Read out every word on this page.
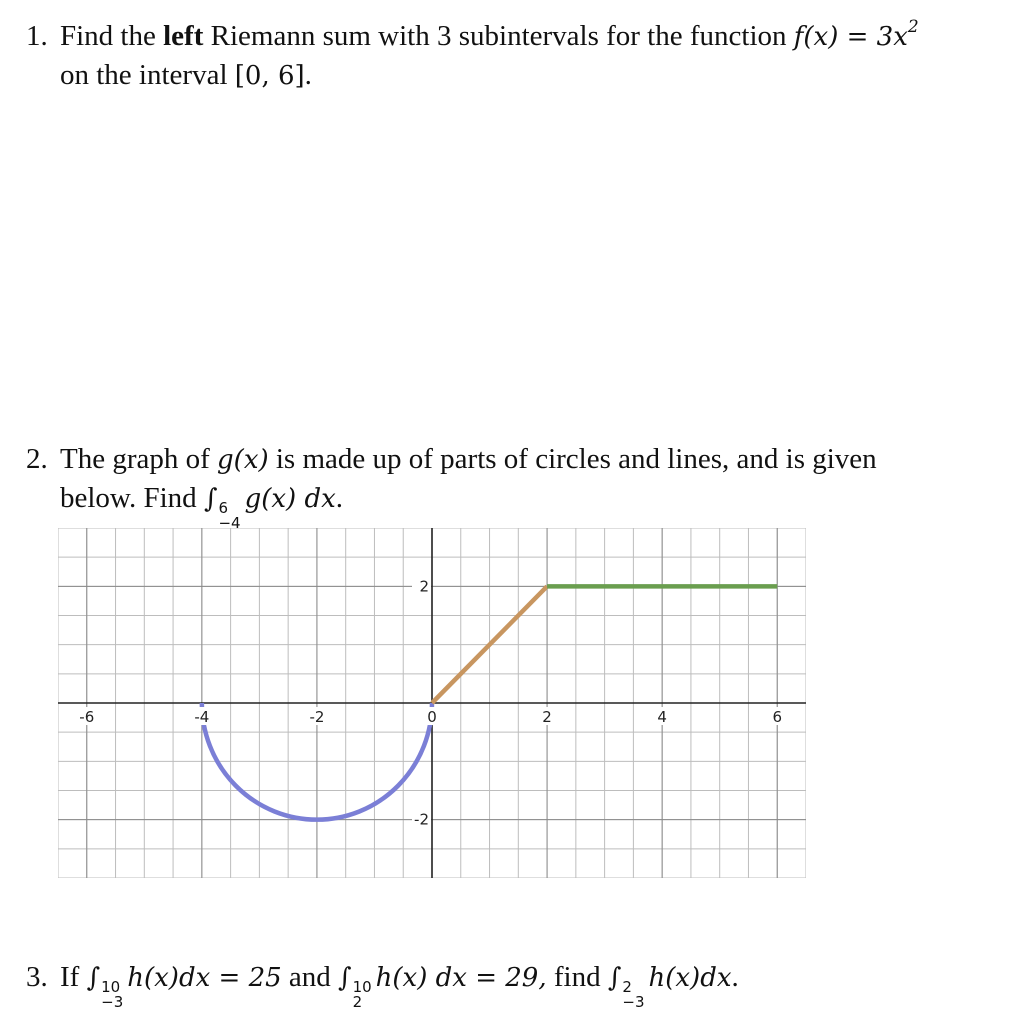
1. Find the left Riemann sum with 3 subintervals for the function $f(x) = 3x^2$
on the interval [0, 6].
2. The graph of g(x) is made up of parts of circles and lines, and is given
below. Find ∫ 6
−4
g(x) dx.
-6	-4	-2	0	2	4	6
2
-2
3. If ∫ 10
−3
h(x)dx = 25 and ∫ 10
2
h(x) dx = 29, find ∫ 2
−3
h(x)dx.
